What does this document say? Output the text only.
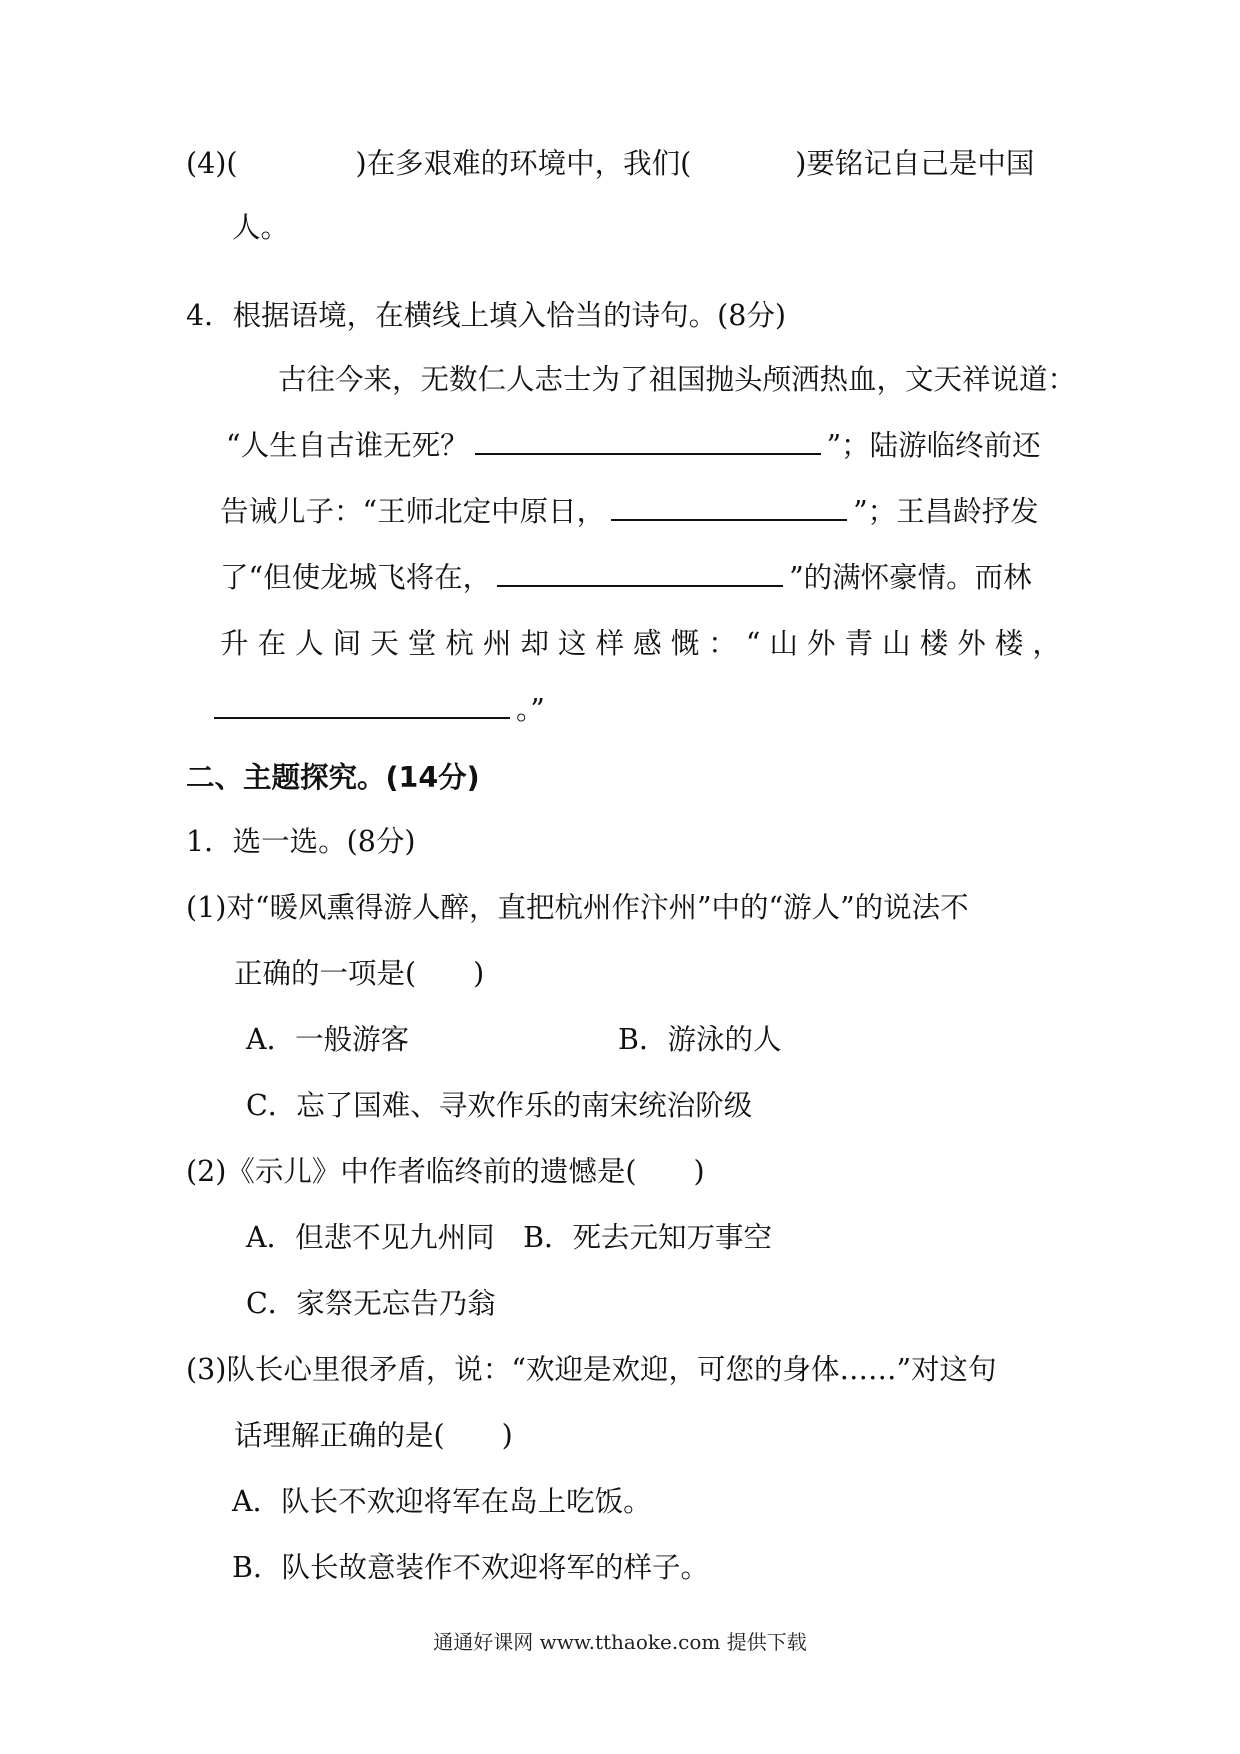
(4)(	)在多艰难的环境中，我们(	)要铭记自己是中国
人。
4．根据语境，在横线上填入恰当的诗句。(8分)
古往今来，无数仁人志士为了祖国抛头颅洒热血，文天祥说道：
“人生自古谁无死？	”；陆游临终前还
告诫儿子：“王师北定中原日，	”；王昌龄抒发
了“但使龙城飞将在，	”的满怀豪情。而林
升 在 人 间 天 堂 杭 州 却 这 样 感 慨 ： “ 山 外 青 山 楼 外 楼 ，
。”
二、主题探究。(14分)
1．选一选。(8分)
(1)对“暖风熏得游人醉，直把杭州作汴州”中的“游人”的说法不
正确的一项是(　　)
A．一般游客	B．游泳的人
C．忘了国难、寻欢作乐的南宋统治阶级
(2)《示儿》中作者临终前的遗憾是(　　)
A．但悲不见九州同　B．死去元知万事空
C．家祭无忘告乃翁
(3)队长心里很矛盾，说：“欢迎是欢迎，可您的身体……”对这句
话理解正确的是(　　)
A．队长不欢迎将军在岛上吃饭。
B．队长故意装作不欢迎将军的样子。
通通好课网 www.tthaoke.com 提供下载
